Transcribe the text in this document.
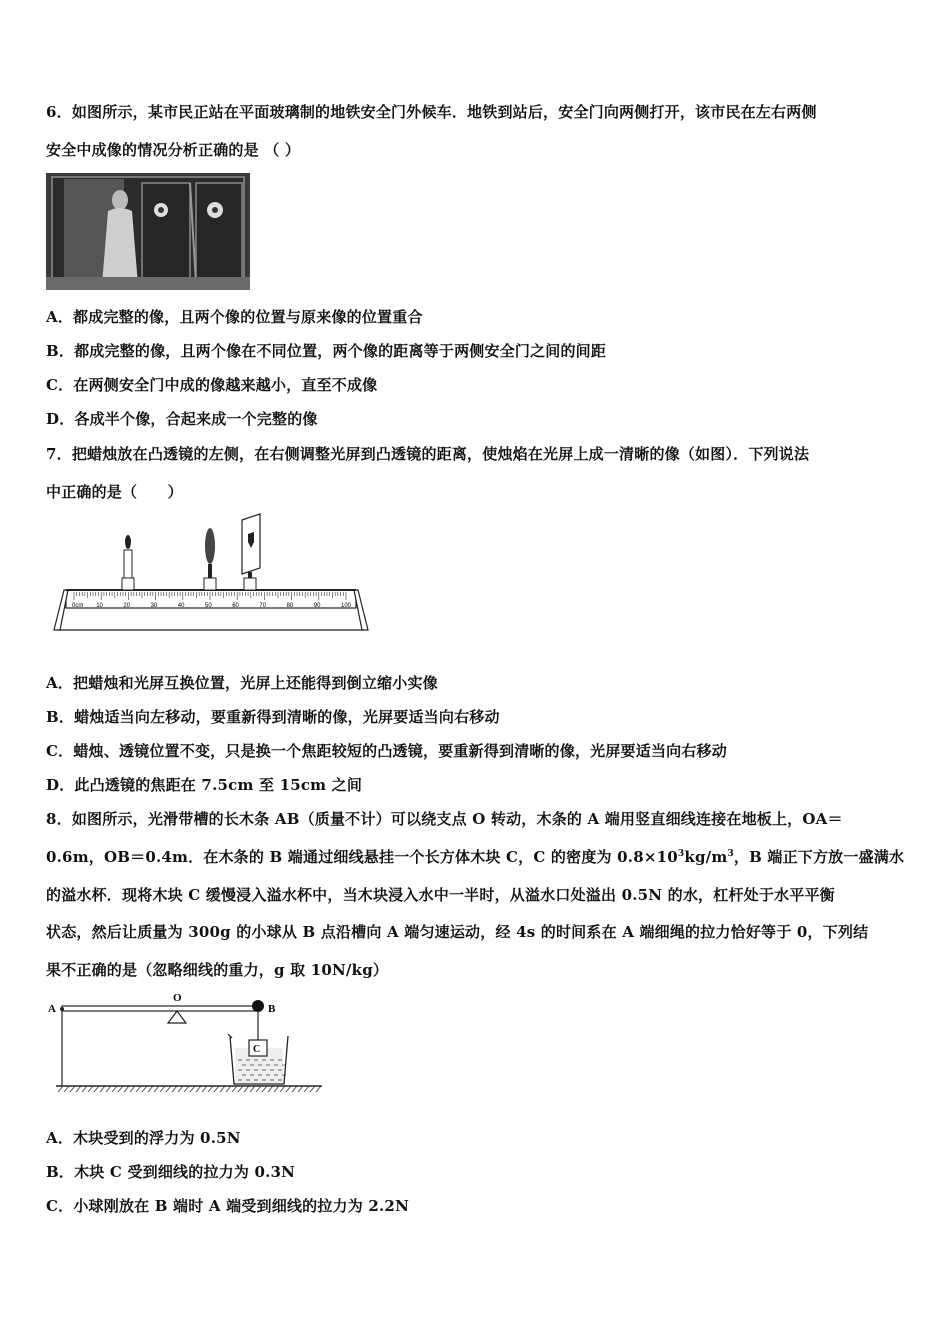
6．如图所示，某市民正站在平面玻璃制的地铁安全门外候车．地铁到站后，安全门向两侧打开，该市民在左右两侧
安全中成像的情况分析正确的是 （ ）
A．都成完整的像，且两个像的位置与原来像的位置重合
B．都成完整的像，且两个像在不同位置，两个像的距离等于两侧安全门之间的间距
C．在两侧安全门中成的像越来越小，直至不成像
D．各成半个像，合起来成一个完整的像
7．把蜡烛放在凸透镜的左侧，在右侧调整光屏到凸透镜的距离，使烛焰在光屏上成一清晰的像（如图）．下列说法
中正确的是（　　）
0cm 10	20	30	40	50	60	70	80	90	100
A．把蜡烛和光屏互换位置，光屏上还能得到倒立缩小实像
B．蜡烛适当向左移动，要重新得到清晰的像，光屏要适当向右移动
C．蜡烛、透镜位置不变，只是换一个焦距较短的凸透镜，要重新得到清晰的像，光屏要适当向右移动
D．此凸透镜的焦距在 7.5cm 至 15cm 之间
8．如图所示，光滑带槽的长木条 AB（质量不计）可以绕支点 O 转动，木条的 A 端用竖直细线连接在地板上，OA＝
0.6m，OB＝0.4m．在木条的 B 端通过细线悬挂一个长方体木块 C，C 的密度为 $0.8\times 10^3kg/m^3$，B 端正下方放一盛满水
的溢水杯．现将木块 C 缓慢浸入溢水杯中，当木块浸入水中一半时，从溢水口处溢出 0.5N 的水，杠杆处于水平平衡
状态，然后让质量为 300g 的小球从 B 点沿槽向 A 端匀速运动，经 4s 的时间系在 A 端细绳的拉力恰好等于 0，下列结
果不正确的是（忽略细线的重力，g 取 10N/kg）
A
O
B
C
A．木块受到的浮力为 0.5N
B．木块 C 受到细线的拉力为 0.3N
C．小球刚放在 B 端时 A 端受到细线的拉力为 2.2N
